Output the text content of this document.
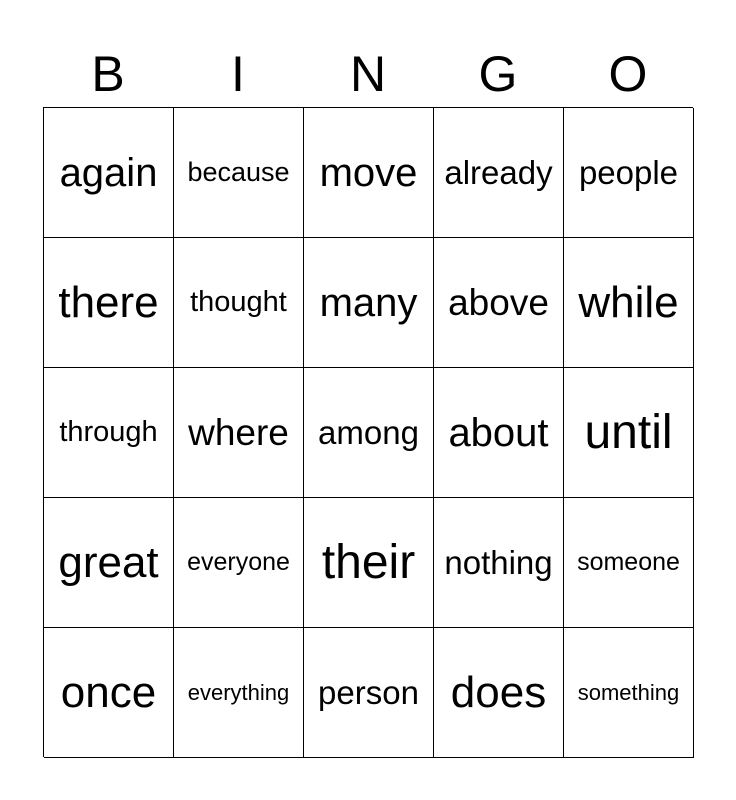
B	I	N	G	O
again	because move already people
there	thought many above while
through where among about until
great	everyone their nothing someone
once	everything person does	something
